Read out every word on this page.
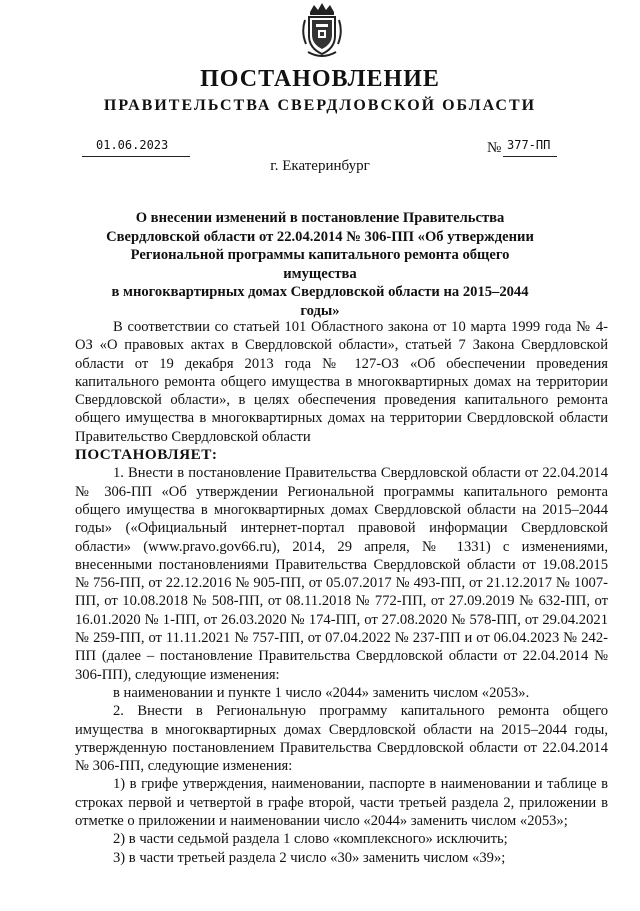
ПОСТАНОВЛЕНИЕ
ПРАВИТЕЛЬСТВА СВЕРДЛОВСКОЙ ОБЛАСТИ
01.06.2023	№ 377-ПП
г. Екатеринбург
О внесении изменений в постановление Правительства
Свердловской области от 22.04.2014 № 306-ПП «Об утверждении
Региональной программы капитального ремонта общего имущества
в многоквартирных домах Свердловской области на 2015–2044 годы»

В соответствии со статьей 101 Областного закона от 10 марта 1999 года № 4-ОЗ «О правовых актах в Свердловской области», статьей 7 Закона Свердловской области от 19 декабря 2013 года № 127-ОЗ «Об обеспечении проведения капитального ремонта общего имущества в многоквартирных домах на территории Свердловской области», в целях обеспечения проведения капитального ремонта общего имущества в многоквартирных домах на территории Свердловской области Правительство Свердловской области

ПОСТАНОВЛЯЕТ:

1. Внести в постановление Правительства Свердловской области от 22.04.2014 № 306-ПП «Об утверждении Региональной программы капитального ремонта общего имущества в многоквартирных домах Свердловской области на 2015–2044 годы» («Официальный интернет-портал правовой информации Свердловской области» (www.pravo.gov66.ru), 2014, 29 апреля, № 1331) с изменениями, внесенными постановлениями Правительства Свердловской области от 19.08.2015 № 756-ПП, от 22.12.2016 № 905-ПП, от 05.07.2017 № 493-ПП, от 21.12.2017 № 1007-ПП, от 10.08.2018 № 508-ПП, от 08.11.2018 № 772-ПП, от 27.09.2019 № 632-ПП, от 16.01.2020 № 1-ПП, от 26.03.2020 № 174-ПП, от 27.08.2020 № 578-ПП, от 29.04.2021 № 259-ПП, от 11.11.2021 № 757-ПП, от 07.04.2022 № 237-ПП и от 06.04.2023 № 242-ПП (далее – постановление Правительства Свердловской области от 22.04.2014 № 306-ПП), следующие изменения:

в наименовании и пункте 1 число «2044» заменить числом «2053».

2. Внести в Региональную программу капитального ремонта общего имущества в многоквартирных домах Свердловской области на 2015–2044 годы, утвержденную постановлением Правительства Свердловской области от 22.04.2014 № 306-ПП, следующие изменения:

1) в грифе утверждения, наименовании, паспорте в наименовании и таблице в строках первой и четвертой в графе второй, части третьей раздела 2, приложении в отметке о приложении и наименовании число «2044» заменить числом «2053»;

2) в части седьмой раздела 1 слово «комплексного» исключить;

3) в части третьей раздела 2 число «30» заменить числом «39»;
